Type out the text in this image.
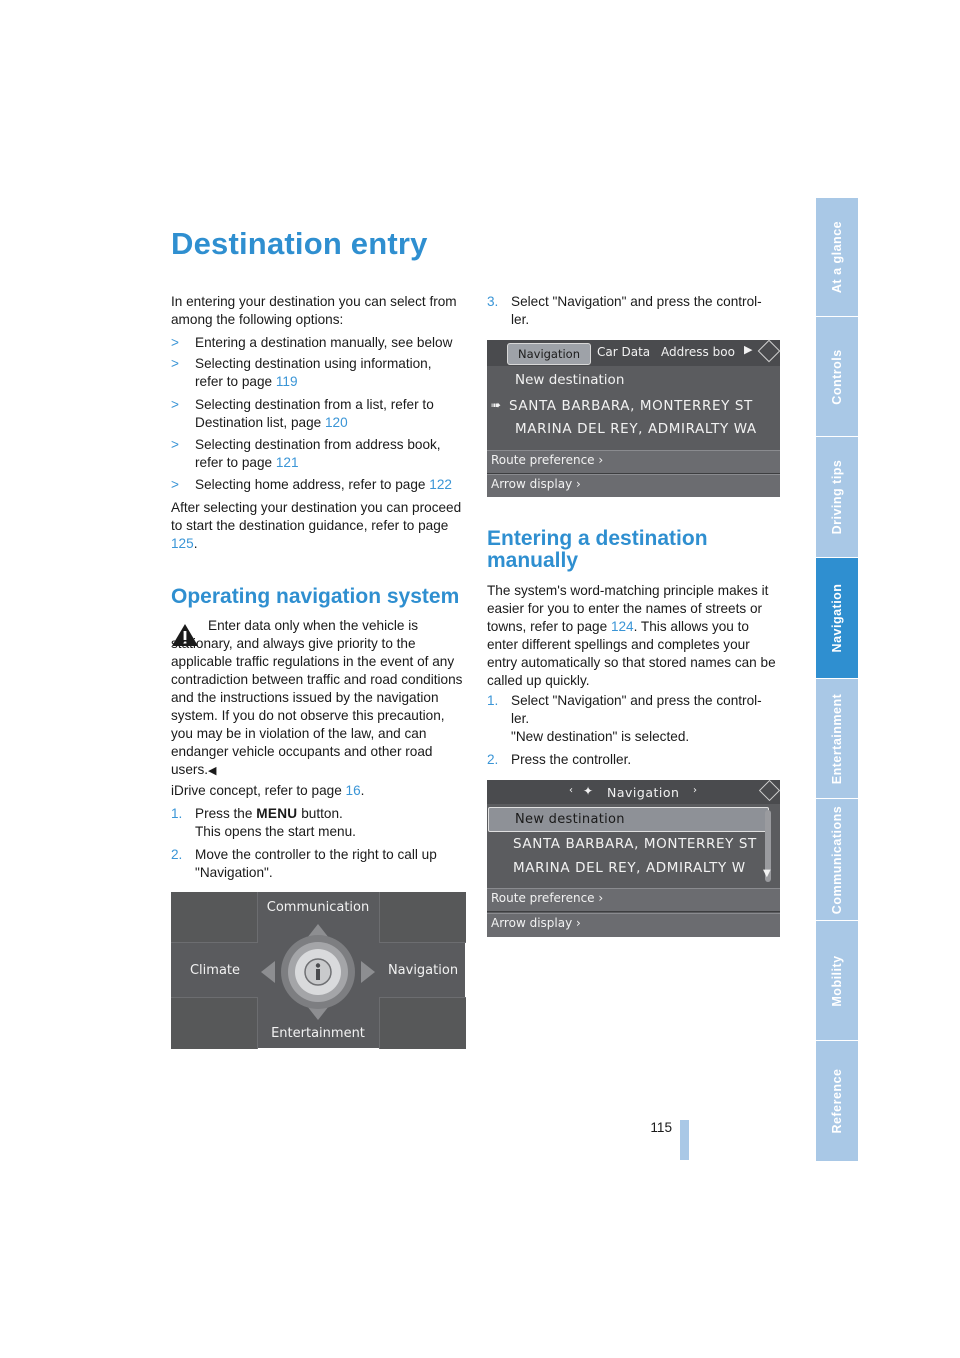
Destination entry
In entering your destination you can select from among the following options:
> Entering a destination manually, see below
> Selecting destination using information, refer to page 119
> Selecting destination from a list, refer to Destination list, page 120
> Selecting destination from address book, refer to page 121
> Selecting home address, refer to page 122
After selecting your destination you can proceed to start the destination guidance, refer to page 125.
Operating navigation system
Enter data only when the vehicle is stationary, and always give priority to the applicable traffic regulations in the event of any contradiction between traffic and road conditions and the instructions issued by the navigation system. If you do not observe this precaution, you may be in violation of the law, and can endanger vehicle occupants and other road users.◀
iDrive concept, refer to page 16.
1. Press the MENU button.
This opens the start menu.
2. Move the controller to the right to call up
"Navigation".
Communication
Climate	Navigation
Entertainment
3. Select "Navigation" and press the control-
ler.
Navigation	Car Data Address boo ▶
New destination
➠ SANTA BARBARA, MONTERREY ST
MARINA DEL REY, ADMIRALTY WA
Route preference ›
Arrow display ›
Entering a destination
manually
The system's word-matching principle makes it easier for you to enter the names of streets or towns, refer to page 124. This allows you to enter different spellings and completes your entry automatically so that stored names can be called up quickly.
1. Select "Navigation" and press the control-
ler.
"New destination" is selected.
2. Press the controller.
‹ ✦ Navigation ›
New destination
SANTA BARBARA, MONTERREY ST
MARINA DEL REY, ADMIRALTY W ▼
Route preference ›
Arrow display ›
At a glance
Controls
Driving tips
Navigation
Entertainment
Communications
Mobility
Reference
115
